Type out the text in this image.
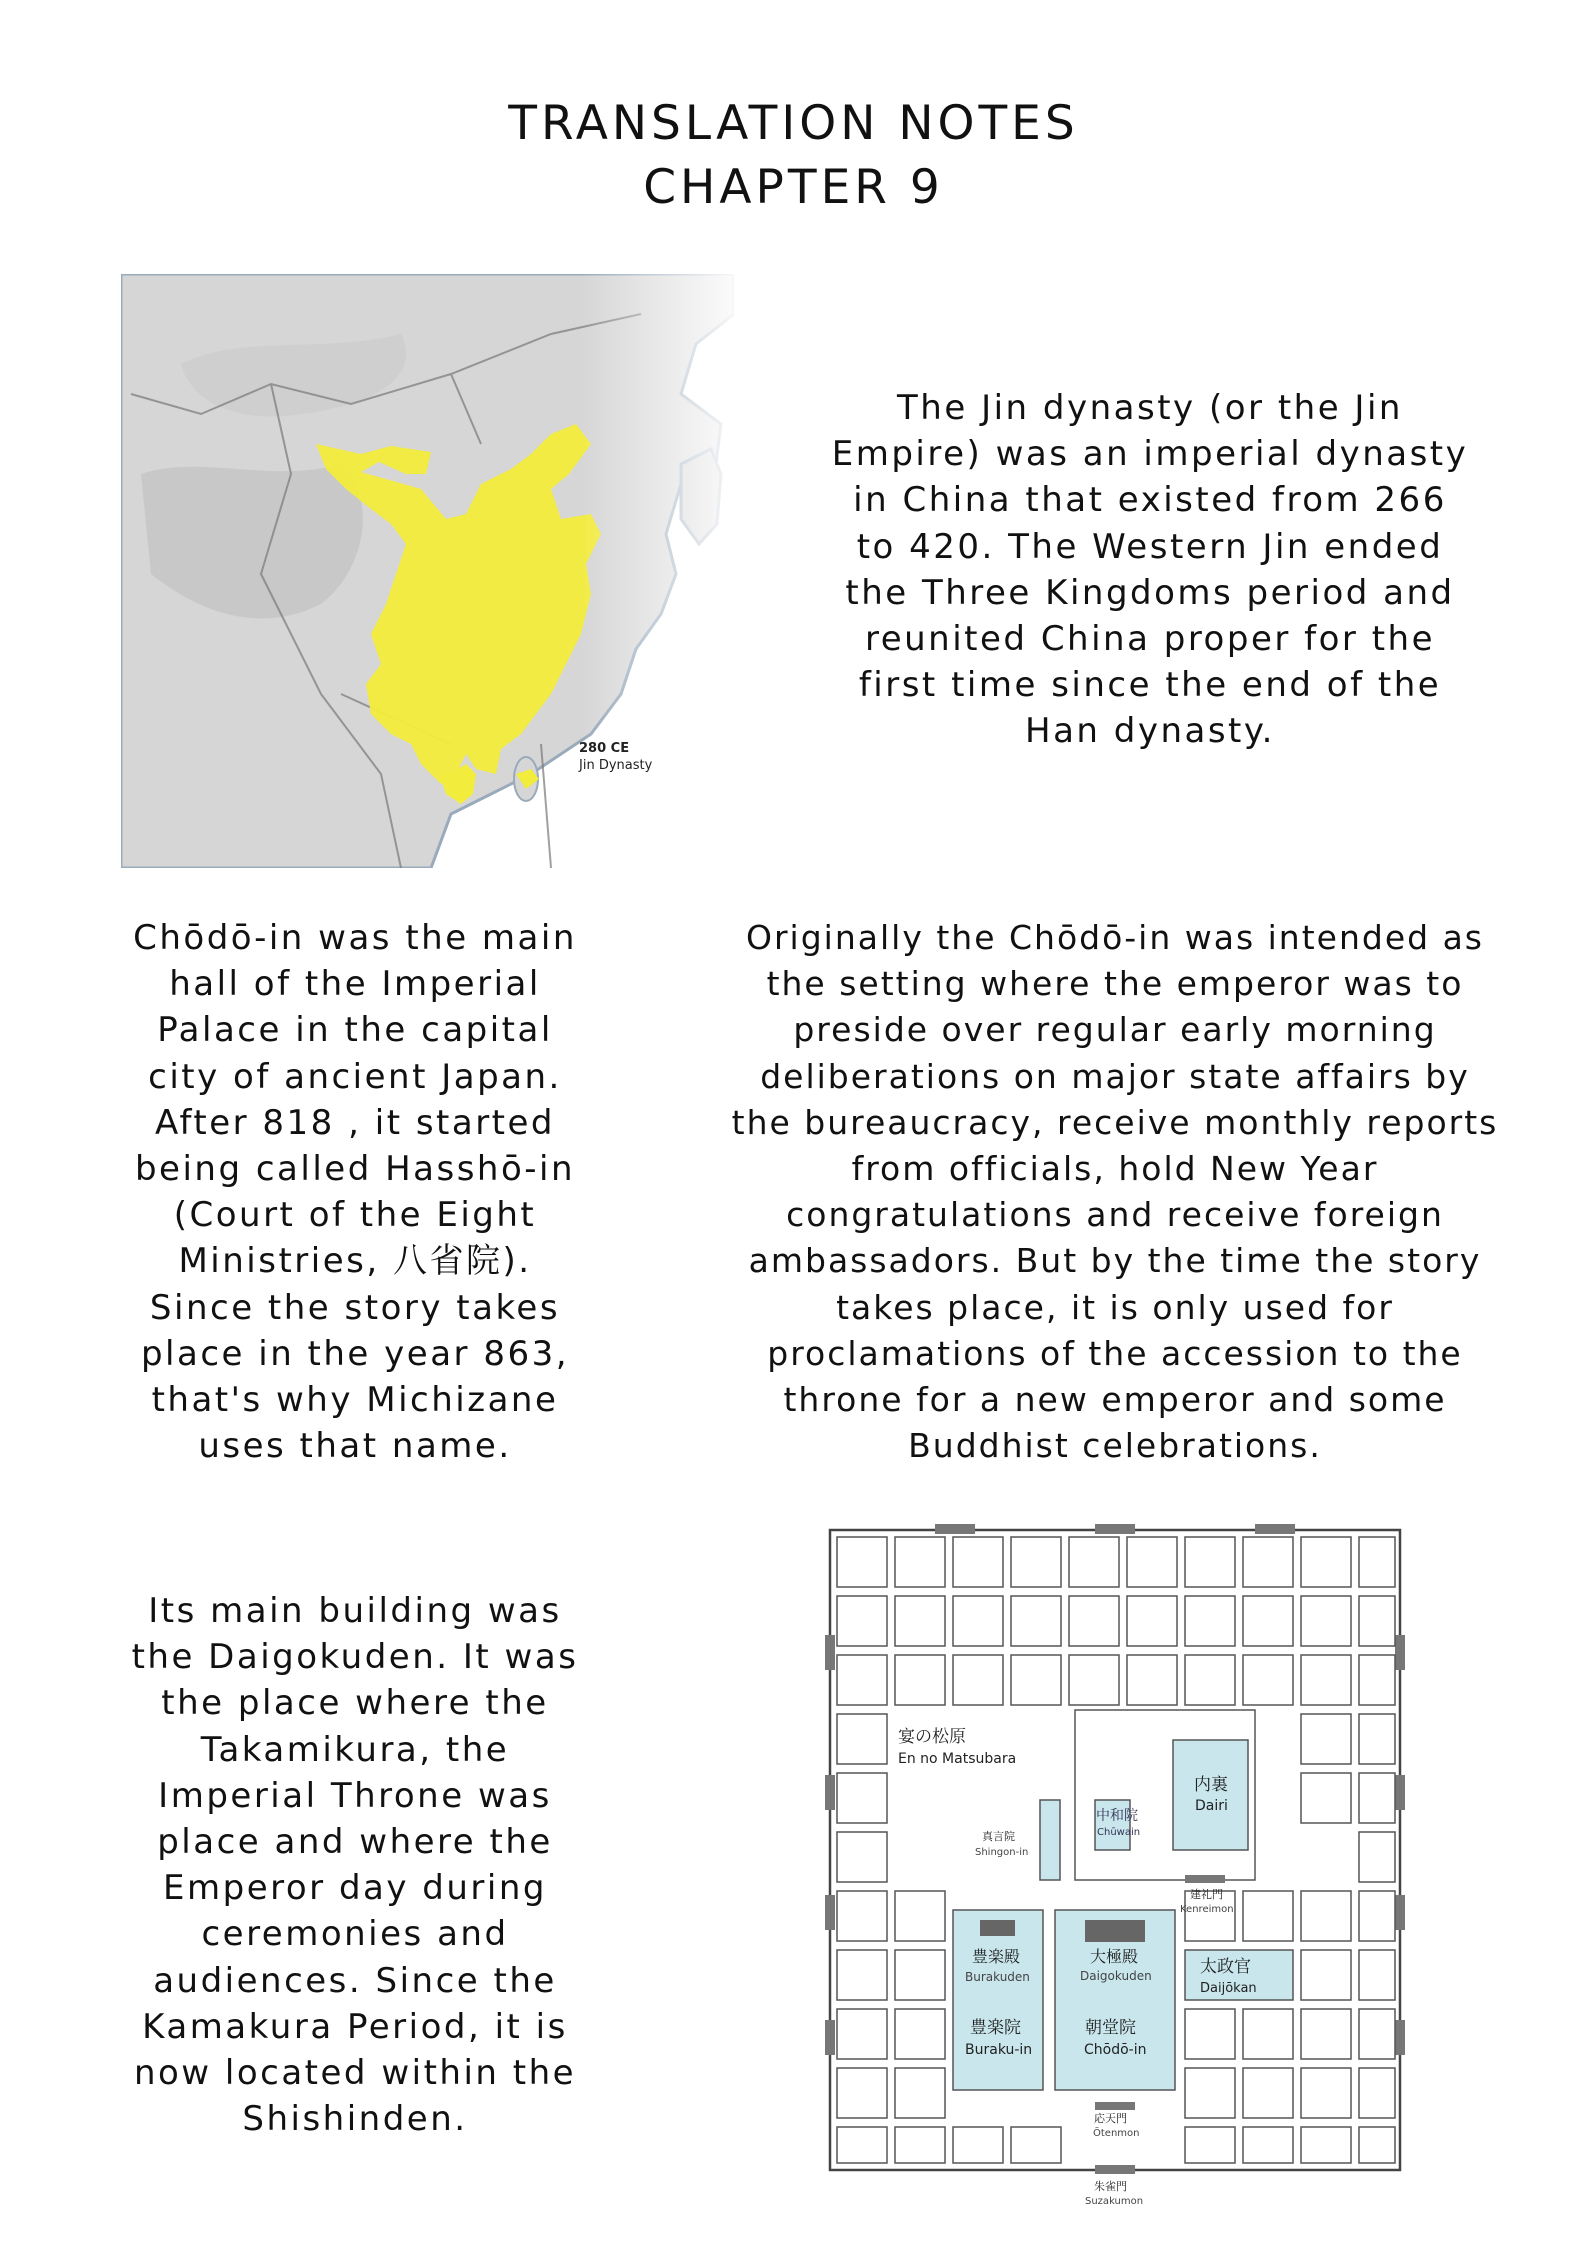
TRANSLATION NOTES
CHAPTER 9
280 CE
Jin Dynasty
The Jin dynasty (or the Jin
Empire) was an imperial dynasty
in China that existed from 266
to 420. The Western Jin ended
the Three Kingdoms period and
reunited China proper for the
first time since the end of the
Han dynasty.
Chōdō-in was the main
hall of the Imperial
Palace in the capital
city of ancient Japan.
After 818 , it started
being called Hasshō-in
(Court of the Eight
Ministries, 八省院).
Since the story takes
place in the year 863,
that's why Michizane
uses that name.
Originally the Chōdō-in was intended as
the setting where the emperor was to
preside over regular early morning
deliberations on major state affairs by
the bureaucracy, receive monthly reports
from officials, hold New Year
congratulations and receive foreign
ambassadors. But by the time the story
takes place, it is only used for
proclamations of the accession to the
throne for a new emperor and some
Buddhist celebrations.
Its main building was
the Daigokuden. It was
the place where the
Takamikura, the
Imperial Throne was
place and where the
Emperor day during
ceremonies and
audiences. Since the
Kamakura Period, it is
now located within the
Shishinden.
宴の松原
En no Matsubara
内裏
Dairi
中和院
Chūwain
真言院
Shingon-in
建礼門
Kenreimon
豊楽殿
Burakuden
大極殿
Daigokuden	太政官
Daijōkan
豊楽院
Buraku-in
朝堂院
Chōdō-in
応天門
Ōtenmon
朱雀門
Suzakumon
